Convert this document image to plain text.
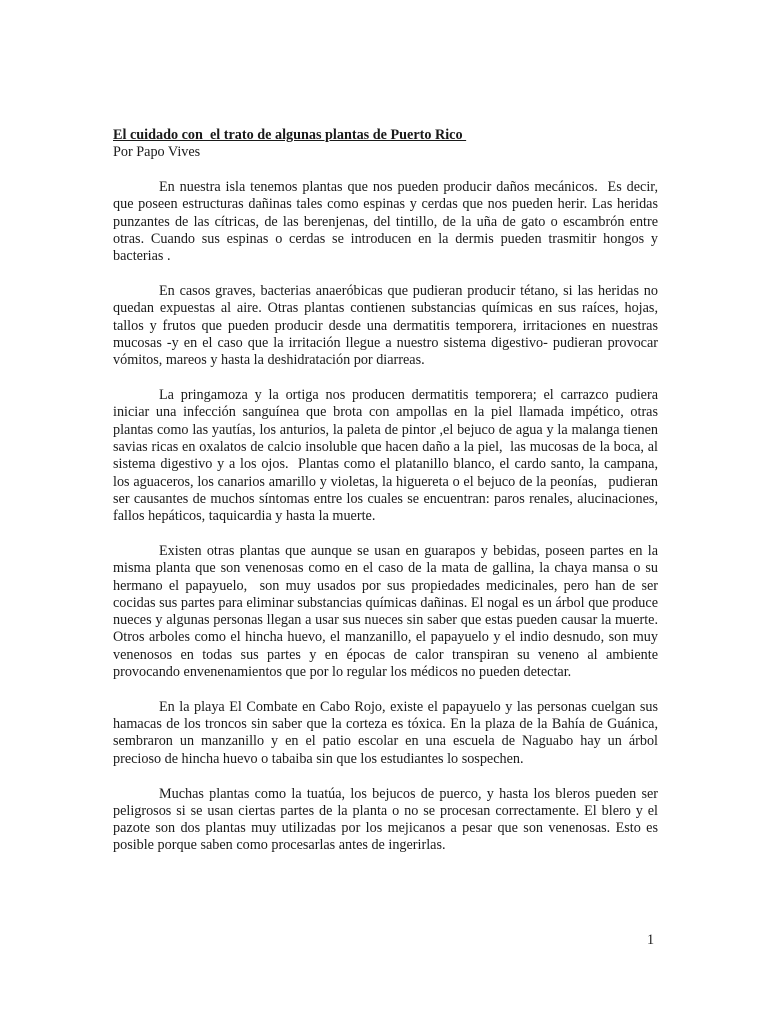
El cuidado con  el trato de algunas plantas de Puerto Rico

Por Papo Vives

En nuestra isla tenemos plantas que nos pueden producir daños mecánicos.  Es decir, que poseen estructuras dañinas tales como espinas y cerdas que nos pueden herir. Las heridas punzantes de las cítricas, de las berenjenas, del tintillo, de la uña de gato o escambrón entre otras. Cuando sus espinas o cerdas se introducen en la dermis pueden trasmitir hongos y bacterias .

En casos graves, bacterias anaeróbicas que pudieran producir tétano, si las heridas no quedan expuestas al aire. Otras plantas contienen substancias químicas en sus raíces, hojas, tallos y frutos que pueden producir desde una dermatitis temporera, irritaciones en nuestras mucosas -y en el caso que la irritación llegue a nuestro sistema digestivo- pudieran provocar vómitos, mareos y hasta la deshidratación por diarreas.

La pringamoza y la ortiga nos producen dermatitis temporera; el carrazco pudiera iniciar una infección sanguínea que brota con ampollas en la piel llamada impético, otras plantas como las yautías, los anturios, la paleta de pintor ,el bejuco de agua y la malanga tienen savias ricas en oxalatos de calcio insoluble que hacen daño a la piel,  las mucosas de la boca, al sistema digestivo y a los ojos.  Plantas como el platanillo blanco, el cardo santo, la campana, los aguaceros, los canarios amarillo y violetas, la higuereta o el bejuco de la peonías,   pudieran ser causantes de muchos síntomas entre los cuales se encuentran: paros renales, alucinaciones, fallos hepáticos, taquicardia y hasta la muerte.

Existen otras plantas que aunque se usan en guarapos y bebidas, poseen partes en la misma planta que son venenosas como en el caso de la mata de gallina, la chaya mansa o su hermano el papayuelo,  son muy usados por sus propiedades medicinales, pero han de ser cocidas sus partes para eliminar substancias químicas dañinas. El nogal es un árbol que produce nueces y algunas personas llegan a usar sus nueces sin saber que estas pueden causar la muerte. Otros arboles como el hincha huevo, el manzanillo, el papayuelo y el indio desnudo, son muy venenosos en todas sus partes y en épocas de calor transpiran su veneno al ambiente provocando envenenamientos que por lo regular los médicos no pueden detectar.

En la playa El Combate en Cabo Rojo, existe el papayuelo y las personas cuelgan sus hamacas de los troncos sin saber que la corteza es tóxica. En la plaza de la Bahía de Guánica, sembraron un manzanillo y en el patio escolar en una escuela de Naguabo hay un árbol precioso de hincha huevo o tabaiba sin que los estudiantes lo sospechen.

Muchas plantas como la tuatúa, los bejucos de puerco, y hasta los bleros pueden ser peligrosos si se usan ciertas partes de la planta o no se procesan correctamente. El blero y el pazote son dos plantas muy utilizadas por los mejicanos a pesar que son venenosas. Esto es posible porque saben como procesarlas antes de ingerirlas.

1
